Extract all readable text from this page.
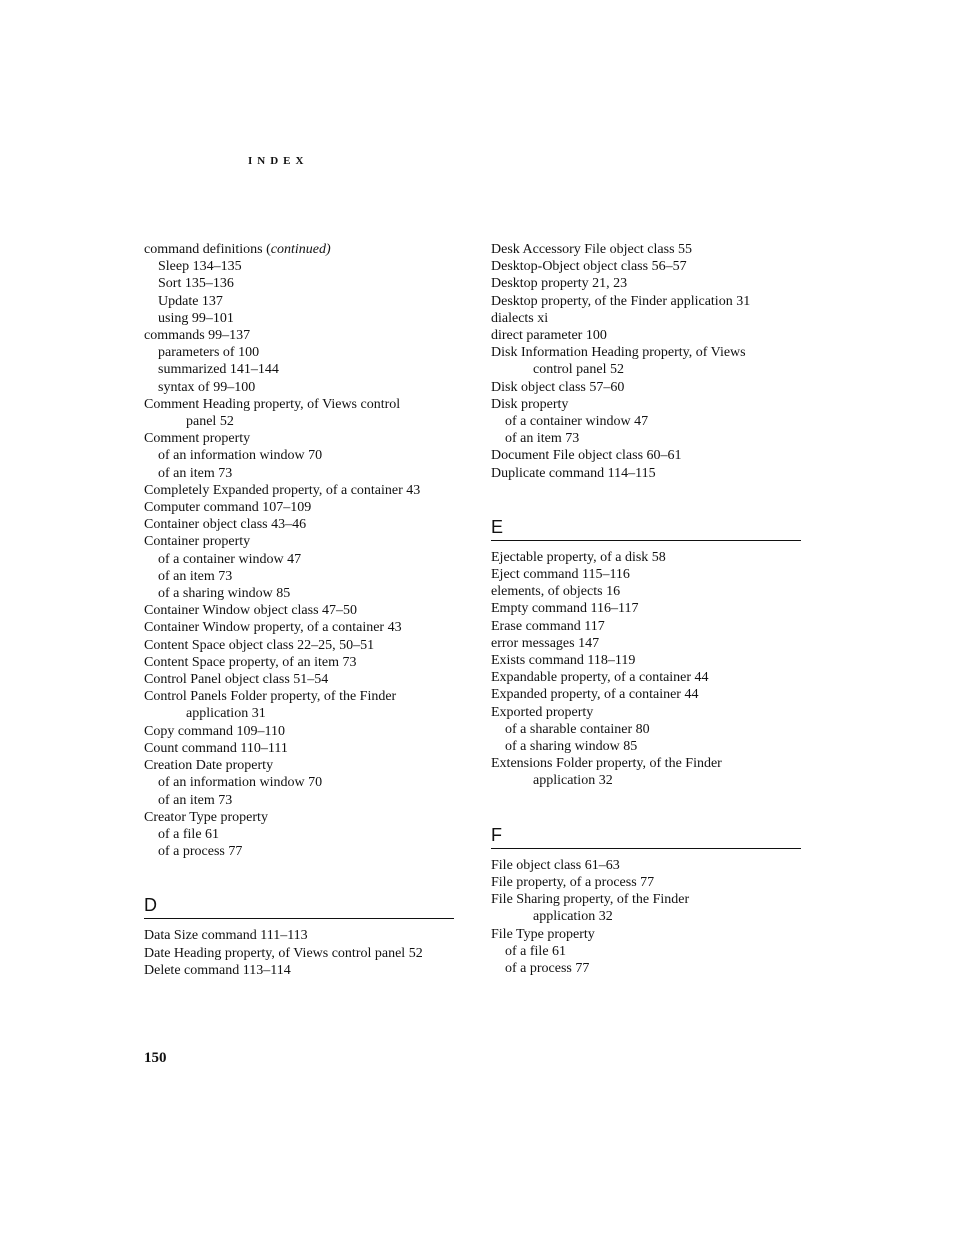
INDEX
command definitions (continued)
Sleep 134–135
Sort 135–136
Update 137
using 99–101
commands 99–137
parameters of 100
summarized 141–144
syntax of 99–100
Comment Heading property, of Views control
panel 52
Comment property
of an information window 70
of an item 73
Completely Expanded property, of a container 43
Computer command 107–109
Container object class 43–46
Container property
of a container window 47
of an item 73
of a sharing window 85
Container Window object class 47–50
Container Window property, of a container 43
Content Space object class 22–25, 50–51
Content Space property, of an item 73
Control Panel object class 51–54
Control Panels Folder property, of the Finder
application 31
Copy command 109–110
Count command 110–111
Creation Date property
of an information window 70
of an item 73
Creator Type property
of a file 61
of a process 77
D
Data Size command 111–113
Date Heading property, of Views control panel 52
Delete command 113–114
Desk Accessory File object class 55
Desktop-Object object class 56–57
Desktop property 21, 23
Desktop property, of the Finder application 31
dialects xi
direct parameter 100
Disk Information Heading property, of Views
control panel 52
Disk object class 57–60
Disk property
of a container window 47
of an item 73
Document File object class 60–61
Duplicate command 114–115
E
Ejectable property, of a disk 58
Eject command 115–116
elements, of objects 16
Empty command 116–117
Erase command 117
error messages 147
Exists command 118–119
Expandable property, of a container 44
Expanded property, of a container 44
Exported property
of a sharable container 80
of a sharing window 85
Extensions Folder property, of the Finder
application 32
F
File object class 61–63
File property, of a process 77
File Sharing property, of the Finder
application 32
File Type property
of a file 61
of a process 77
150
